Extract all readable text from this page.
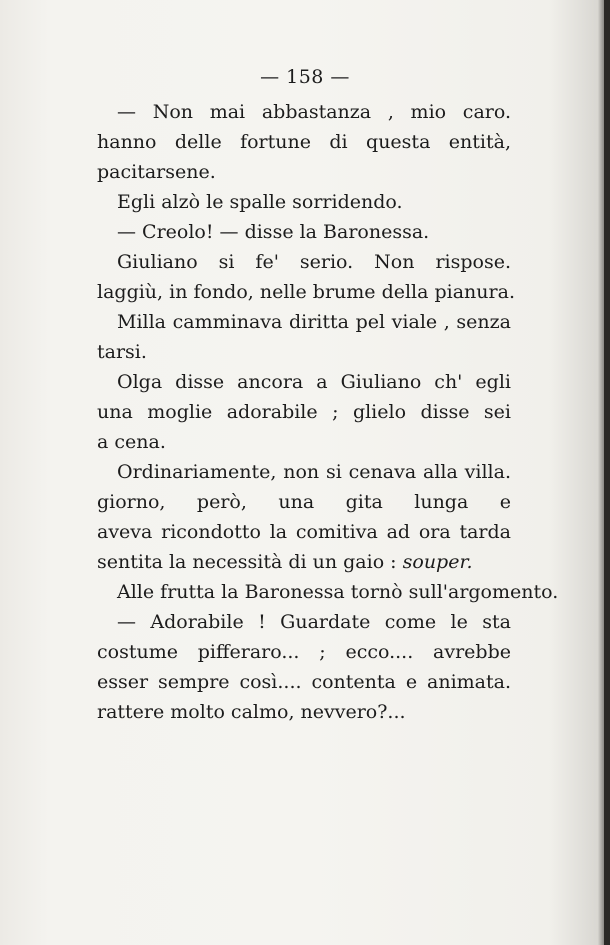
— 158 —
— Non mai abbastanza , mio caro.
hanno delle fortune di questa entità,
pacitarsene.
Egli alzò le spalle sorridendo.
— Creolo! — disse la Baronessa.
Giuliano si fe' serio. Non rispose.
laggiù, in fondo, nelle brume della pianura.
Milla camminava diritta pel viale , senza
tarsi.
Olga disse ancora a Giuliano ch' egli
una moglie adorabile ; glielo disse sei
a cena.
Ordinariamente, non si cenava alla villa.
giorno, però, una gita lunga e
aveva ricondotto la comitiva ad ora tarda
sentita la necessità di un gaio : souper.
Alle frutta la Baronessa tornò sull'argomento.
— Adorabile ! Guardate come le sta
costume pifferaro... ; ecco.... avrebbe
esser sempre così.... contenta e animata.
rattere molto calmo, nevvero?...
